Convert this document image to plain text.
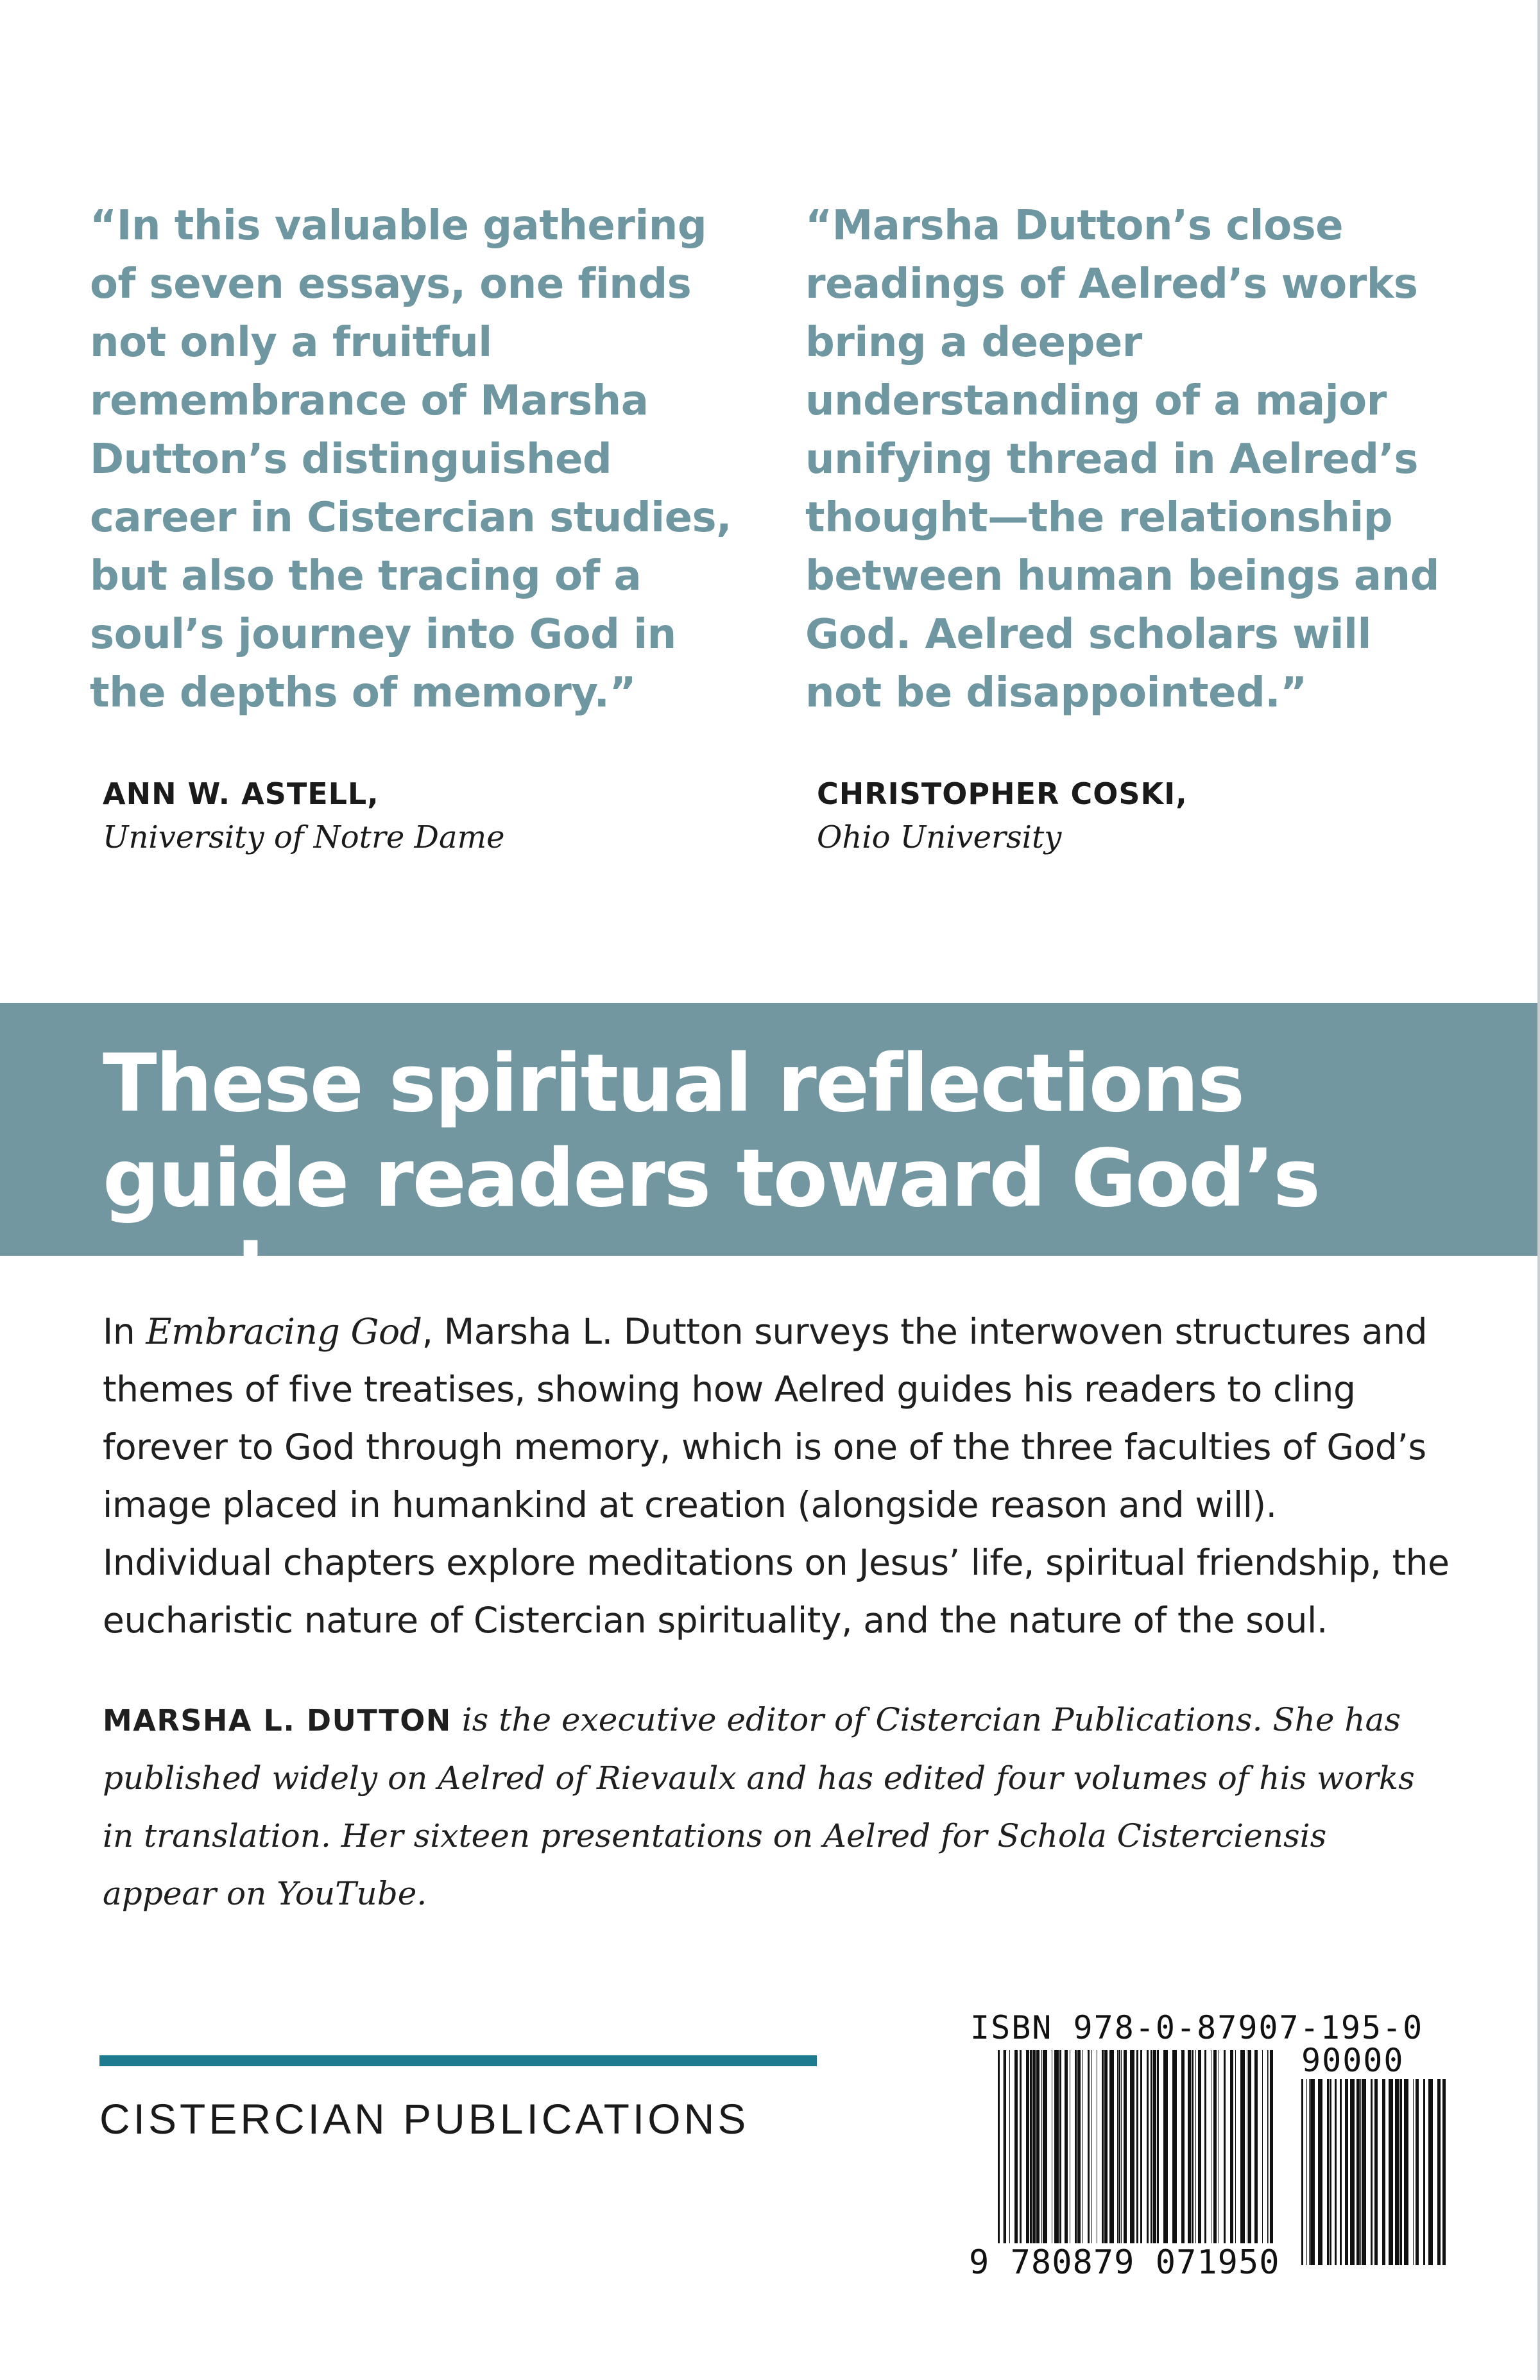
“In this valuable gathering of seven essays, one finds not only a fruitful remembrance of Marsha Dutton’s distinguished career in Cistercian studies, but also the tracing of a soul’s journey into God in the depths of memory.”
“Marsha Dutton’s close readings of Aelred’s works bring a deeper understanding of a major unifying thread in Aelred’s thought—the relationship between human beings and God. Aelred scholars will not be disappointed.”
ANN W. ASTELL,
University of Notre Dame
CHRISTOPHER COSKI,
Ohio University
These spiritual reflections guide readers toward God’s embrace.
In Embracing God, Marsha L. Dutton surveys the interwoven structures and themes of five treatises, showing how Aelred guides his readers to cling forever to God through memory, which is one of the three faculties of God’s image placed in humankind at creation (alongside reason and will). Individual chapters explore meditations on Jesus’ life, spiritual friendship, the eucharistic nature of Cistercian spirituality, and the nature of the soul.
MARSHA L. DUTTON is the executive editor of Cistercian Publications. She has published widely on Aelred of Rievaulx and has edited four volumes of his works in translation. Her sixteen presentations on Aelred for Schola Cisterciensis appear on YouTube.
CISTERCIAN PUBLICATIONS
ISBN 978-0-87907-195-0
9 780879 071950
90000
